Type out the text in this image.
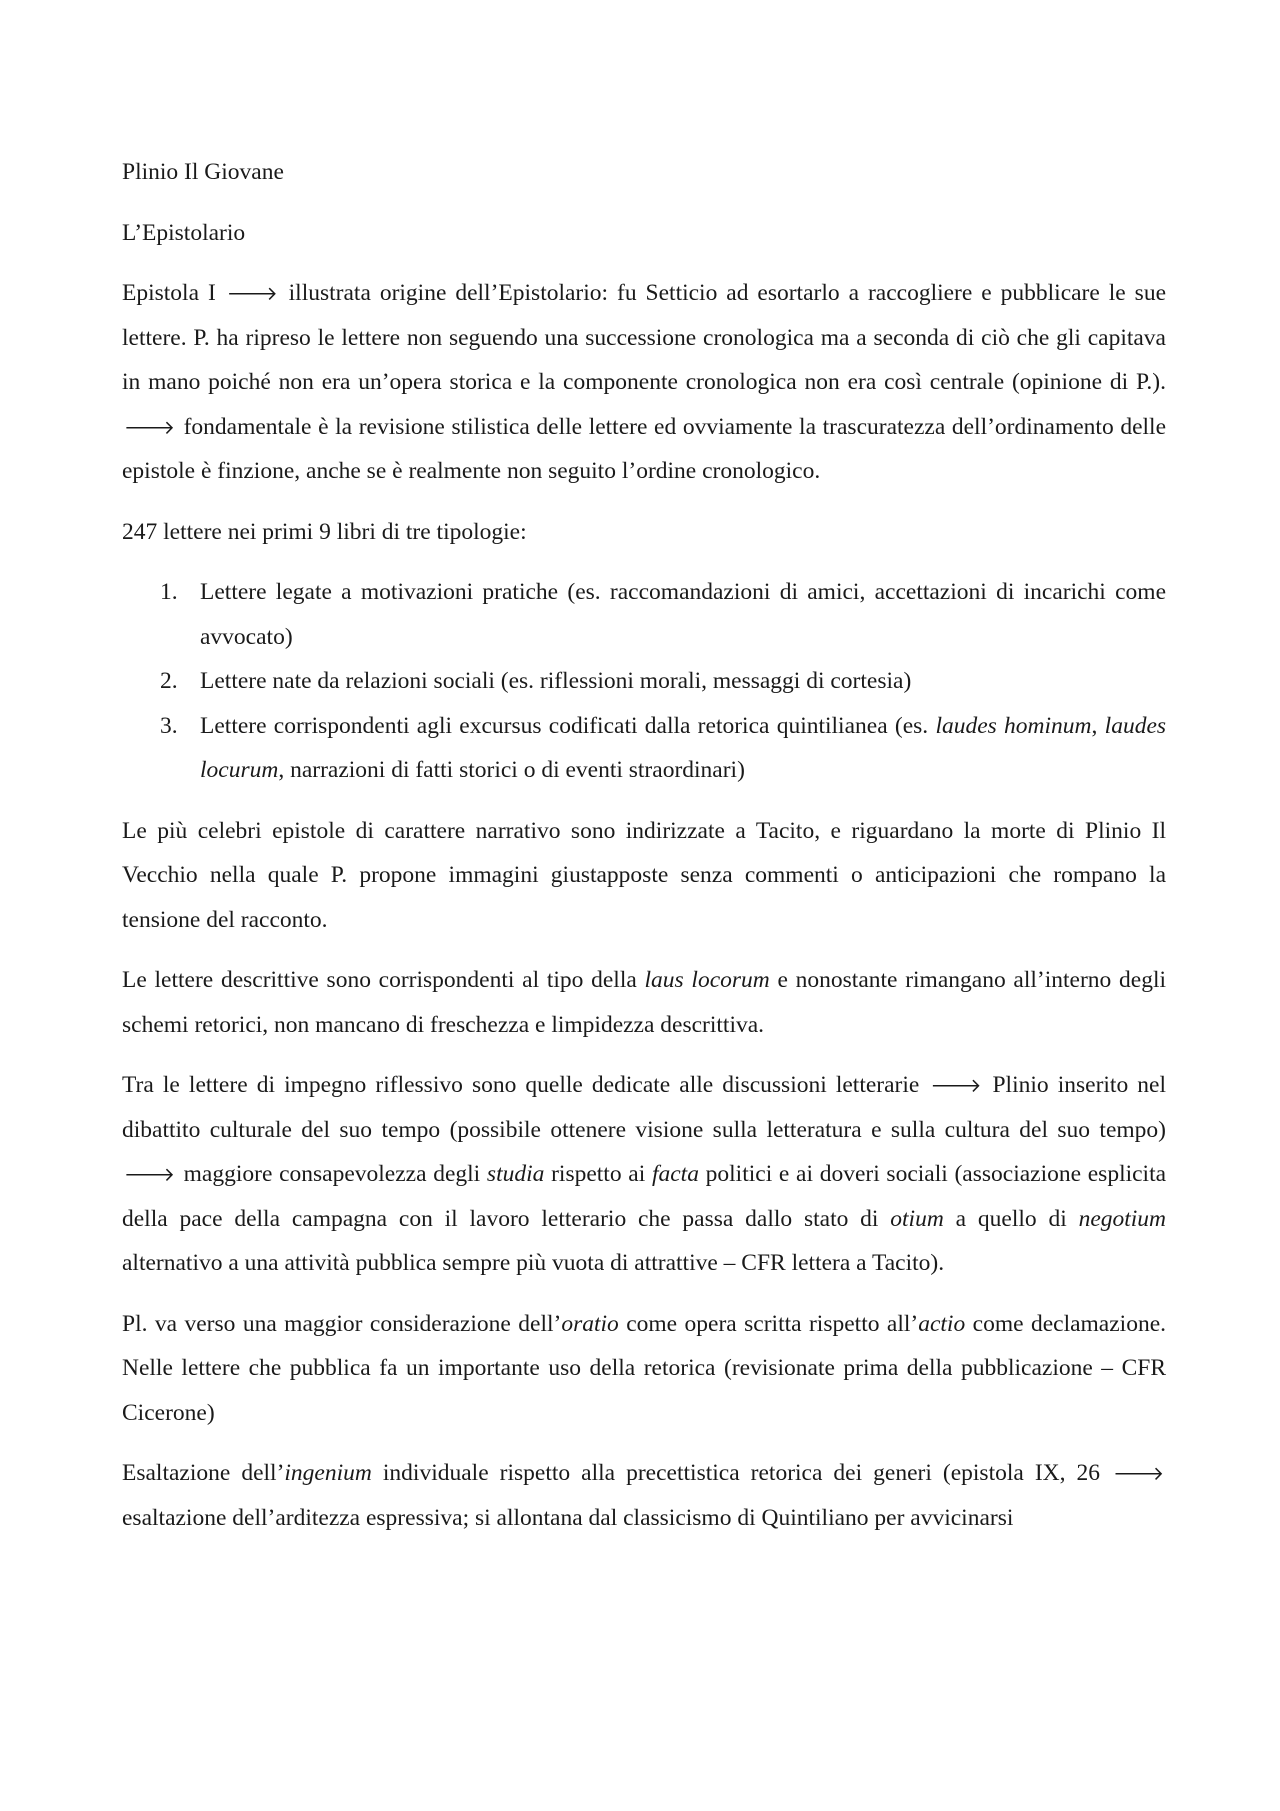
Plinio Il Giovane

L’Epistolario

Epistola I 🡒 illustrata origine dell’Epistolario: fu Setticio ad esortarlo a raccogliere e pubblicare le sue lettere. P. ha ripreso le lettere non seguendo una successione cronologica ma a seconda di ciò che gli capitava in mano poiché non era un’opera storica e la componente cronologica non era così centrale (opinione di P.). 🡒 fondamentale è la revisione stilistica delle lettere ed ovviamente la trascuratezza dell’ordinamento delle epistole è finzione, anche se è realmente non seguito l’ordine cronologico.

247 lettere nei primi 9 libri di tre tipologie:

1. Lettere legate a motivazioni pratiche (es. raccomandazioni di amici, accettazioni di incarichi come avvocato)
2. Lettere nate da relazioni sociali (es. riflessioni morali, messaggi di cortesia)
3. Lettere corrispondenti agli excursus codificati dalla retorica quintilianea (es. laudes hominum, laudes locurum, narrazioni di fatti storici o di eventi straordinari)

Le più celebri epistole di carattere narrativo sono indirizzate a Tacito, e riguardano la morte di Plinio Il Vecchio nella quale P. propone immagini giustapposte senza commenti o anticipazioni che rompano la tensione del racconto.

Le lettere descrittive sono corrispondenti al tipo della laus locorum e nonostante rimangano all’interno degli schemi retorici, non mancano di freschezza e limpidezza descrittiva.

Tra le lettere di impegno riflessivo sono quelle dedicate alle discussioni letterarie 🡒 Plinio inserito nel dibattito culturale del suo tempo (possibile ottenere visione sulla letteratura e sulla cultura del suo tempo) 🡒 maggiore consapevolezza degli studia rispetto ai facta politici e ai doveri sociali (associazione esplicita della pace della campagna con il lavoro letterario che passa dallo stato di otium a quello di negotium alternativo a una attività pubblica sempre più vuota di attrattive – CFR lettera a Tacito).

Pl. va verso una maggior considerazione dell’oratio come opera scritta rispetto all’actio come declamazione. Nelle lettere che pubblica fa un importante uso della retorica (revisionate prima della pubblicazione – CFR Cicerone)

Esaltazione dell’ingenium individuale rispetto alla precettistica retorica dei generi (epistola IX, 26 🡒 esaltazione dell’arditezza espressiva; si allontana dal classicismo di Quintiliano per avvicinarsi
